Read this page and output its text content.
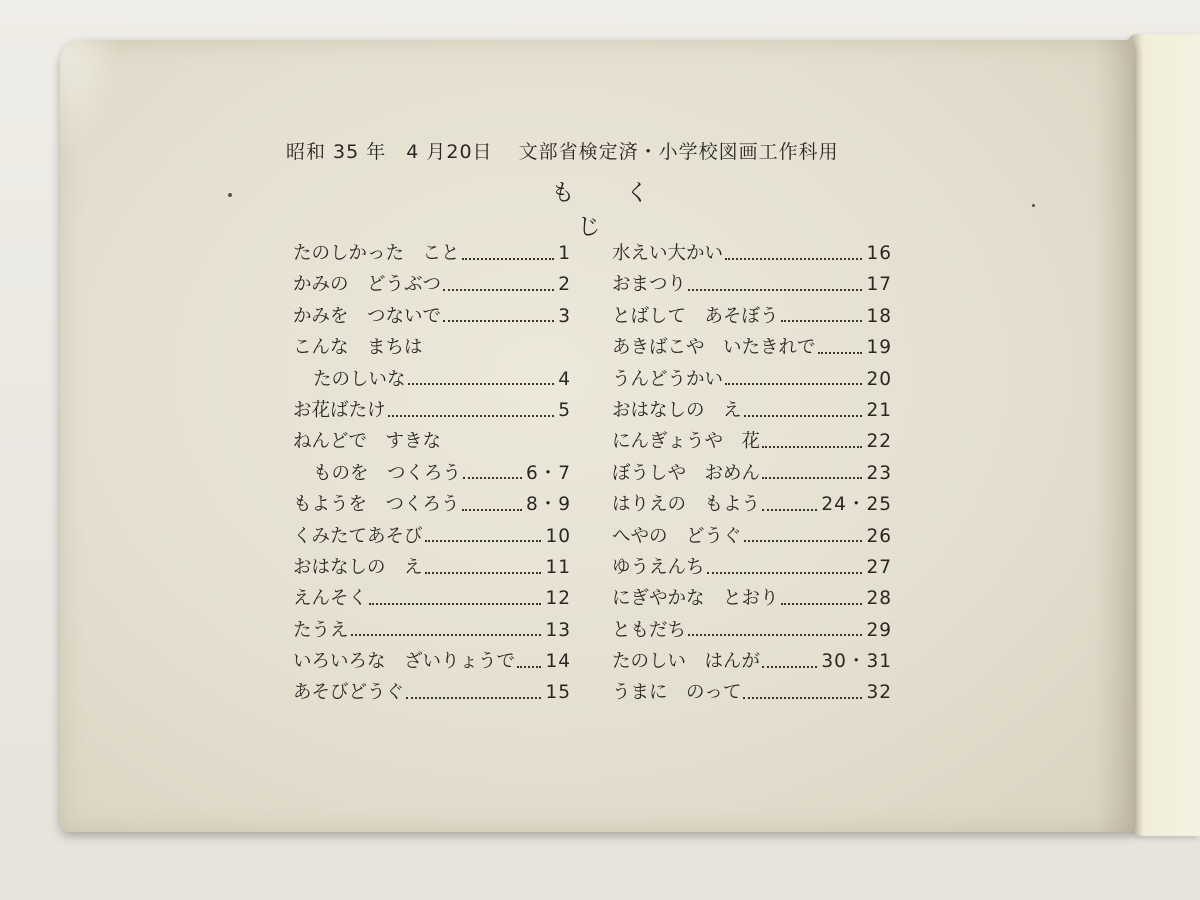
昭和 35 年　4 月20日 文部省検定済・小学校図画工作科用
も く じ
たのしかった　こと	1
かみの　どうぶつ	2
かみを　つないで	3
こんな　まちは
たのしいな	4
お花ばたけ	5
ねんどで　すきな
ものを　つくろう	6・7
もようを　つくろう	8・9
くみたてあそび	10
おはなしの　え	11
えんそく	12
たうえ	13
いろいろな　ざいりょうで 14
あそびどうぐ	15
水えい大かい	16
おまつり	17
とばして　あそぼう	18
あきばこや　いたきれで	19
うんどうかい	20
おはなしの　え	21
にんぎょうや　花	22
ぼうしや　おめん	23
はりえの　もよう	24・25
へやの　どうぐ	26
ゆうえんち	27
にぎやかな　とおり	28
ともだち	29
たのしい　はんが	30・31
うまに　のって	32
